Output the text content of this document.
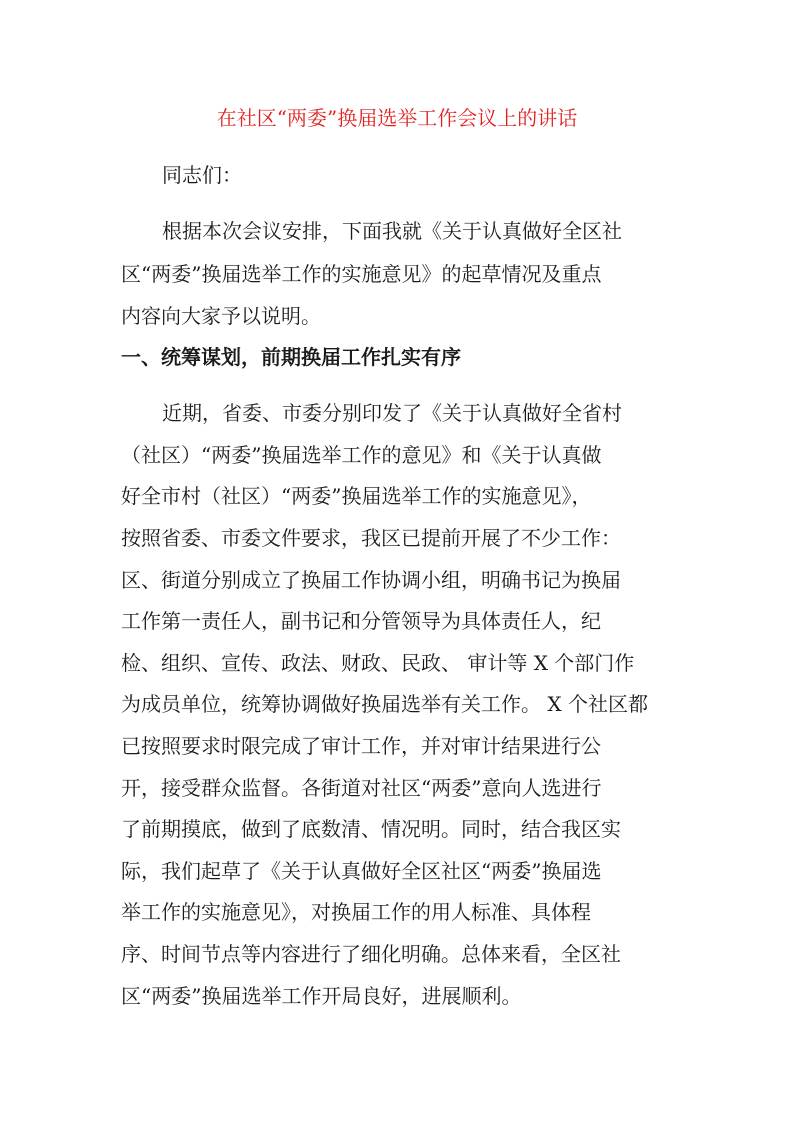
在社区“两委”换届选举工作会议上的讲话
同志们：
根据本次会议安排，下面我就《关于认真做好全区社
区“两委”换届选举工作的实施意见》的起草情况及重点
内容向大家予以说明。
一、统筹谋划，前期换届工作扎实有序
近期，省委、市委分别印发了《关于认真做好全省村
（社区）“两委”换届选举工作的意见》和《关于认真做
好全市村（社区）“两委”换届选举工作的实施意见》，
按照省委、市委文件要求，我区已提前开展了不少工作：
区、街道分别成立了换届工作协调小组，明确书记为换届
工作第一责任人，副书记和分管领导为具体责任人，纪
检、组织、宣传、政法、财政、民政、 审计等 X 个部门作
为成员单位，统筹协调做好换届选举有关工作。 X 个社区都
已按照要求时限完成了审计工作，并对审计结果进行公
开，接受群众监督。各街道对社区“两委”意向人选进行
了前期摸底，做到了底数清、情况明。同时，结合我区实
际，我们起草了《关于认真做好全区社区“两委”换届选
举工作的实施意见》，对换届工作的用人标准、具体程
序、时间节点等内容进行了细化明确。总体来看，全区社
区“两委”换届选举工作开局良好，进展顺利。
